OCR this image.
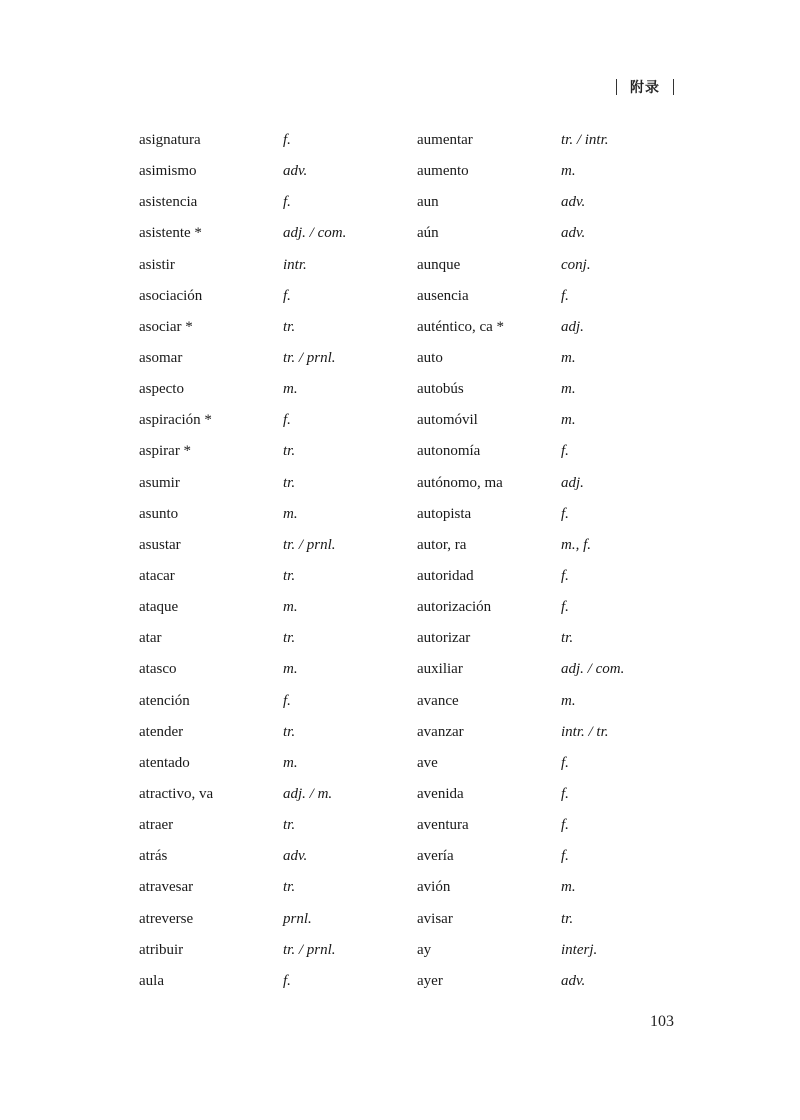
附录
asignatura	f.
asimismo	adv.
asistencia	f.
asistente *	adj. / com.
asistir	intr.
asociación	f.
asociar *	tr.
asomar	tr. / prnl.
aspecto	m.
aspiración *	f.
aspirar *	tr.
asumir	tr.
asunto	m.
asustar	tr. / prnl.
atacar	tr.
ataque	m.
atar	tr.
atasco	m.
atención	f.
atender	tr.
atentado	m.
atractivo, va	adj. / m.
atraer	tr.
atrás	adv.
atravesar	tr.
atreverse	prnl.
atribuir	tr. / prnl.
aula	f.
aumentar	tr. / intr.
aumento	m.
aun	adv.
aún	adv.
aunque	conj.
ausencia	f.
auténtico, ca *	adj.
auto	m.
autobús	m.
automóvil	m.
autonomía	f.
autónomo, ma	adj.
autopista	f.
autor, ra	m., f.
autoridad	f.
autorización	f.
autorizar	tr.
auxiliar	adj. / com.
avance	m.
avanzar	intr. / tr.
ave	f.
avenida	f.
aventura	f.
avería	f.
avión	m.
avisar	tr.
ay	interj.
ayer	adv.
103
